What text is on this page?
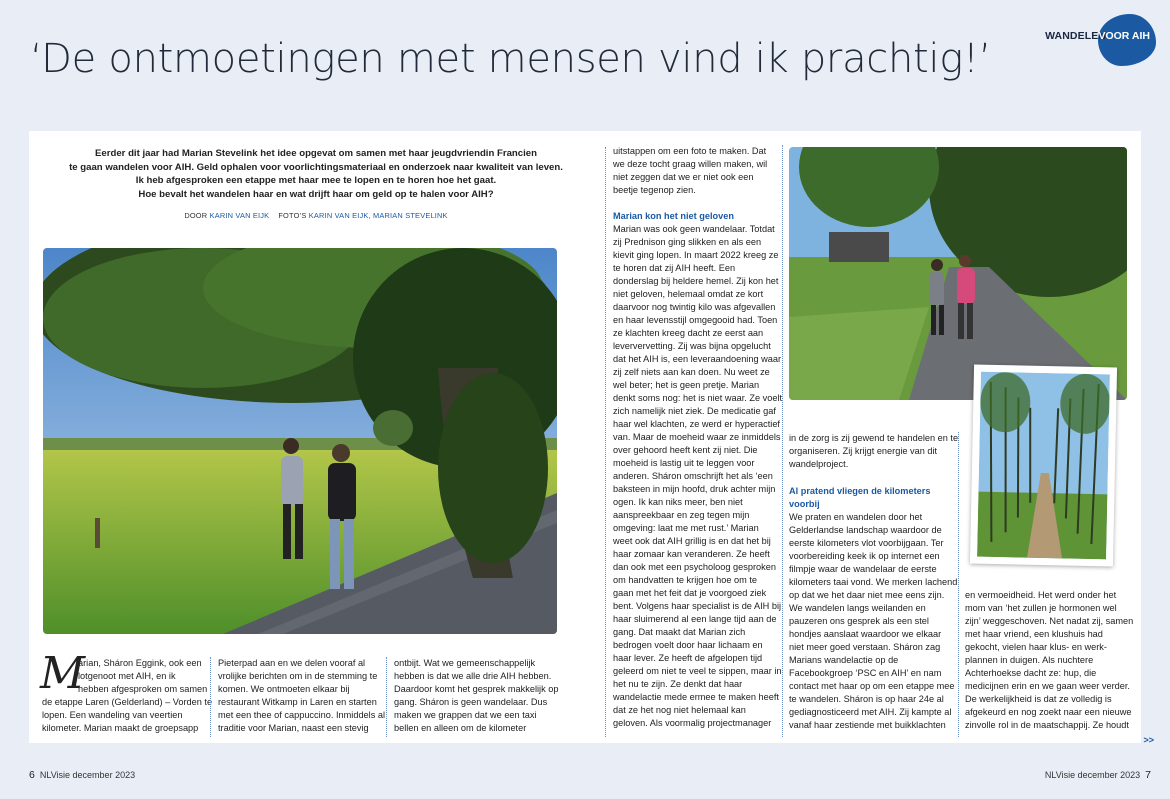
‘De ontmoetingen met mensen vind ik prachtig!’	WANDELEN
VOOR AIH

Eerder dit jaar had Marian Stevelink het idee opgevat om samen met haar jeugdvriendin Francien

te gaan wandelen voor AIH. Geld ophalen voor voorlichtingsmateriaal en onderzoek naar kwaliteit van leven.

Ik heb afgesproken een etappe met haar mee te lopen en te horen hoe het gaat.

Hoe bevalt het wandelen haar en wat drijft haar om geld op te halen voor AIH?

DOOR KARIN VAN EIJK FOTO’S KARIN VAN EIJK, MARIAN STEVELINK
M

arian, Sháron Eggink, ook een

lotgenoot met AIH, en ik

hebben afgesproken om samen

de etappe Laren (Gelderland) – Vorden te

lopen. Een wandeling van veertien

kilometer. Marian maakt de groepsapp

Pieterpad aan en we delen vooraf al

vrolijke berichten om in de stemming te

komen. We ontmoeten elkaar bij

restaurant Witkamp in Laren en starten

met een thee of cappuccino. Inmiddels al

traditie voor Marian, naast een stevig

ontbijt. Wat we gemeenschappelijk

hebben is dat we alle drie AIH hebben.

Daardoor komt het gesprek makkelijk op

gang. Sháron is geen wandelaar. Dus

maken we grappen dat we een taxi

bellen en alleen om de kilometer

uitstappen om een foto te maken. Dat

we deze tocht graag willen maken, wil

niet zeggen dat we er niet ook een

beetje tegenop zien.

Marian kon het niet geloven

Marian was ook geen wandelaar. Totdat

zij Prednison ging slikken en als een

kievit ging lopen. In maart 2022 kreeg ze

te horen dat zij AIH heeft. Een

donderslag bij heldere hemel. Zij kon het

niet geloven, helemaal omdat ze kort

daarvoor nog twintig kilo was afgevallen

en haar levensstijl omgegooid had. Toen

ze klachten kreeg dacht ze eerst aan

leververvetting. Zij was bijna opgelucht

dat het AIH is, een leveraandoening waar

zij zelf niets aan kan doen. Nu weet ze

wel beter; het is geen pretje. Marian

denkt soms nog: het is niet waar. Ze voelt

zich namelijk niet ziek. De medicatie gaf

haar wel klachten, ze werd er hyperactief

van. Maar de moeheid waar ze inmiddels

over gehoord heeft kent zij niet. Die

moeheid is lastig uit te leggen voor

anderen. Sháron omschrijft het als ‘een

baksteen in mijn hoofd, druk achter mijn

ogen. Ik kan niks meer, ben niet

aanspreekbaar en zeg tegen mijn

omgeving: laat me met rust.’ Marian

weet ook dat AIH grillig is en dat het bij

haar zomaar kan veranderen. Ze heeft

dan ook met een psycholoog gesproken

om handvatten te krijgen hoe om te

gaan met het feit dat je voorgoed ziek

bent. Volgens haar specialist is de AIH bij

haar sluimerend al een lange tijd aan de

gang. Dat maakt dat Marian zich

bedrogen voelt door haar lichaam en

haar lever. Ze heeft de afgelopen tijd

geleerd om niet te veel te sippen, maar in

het nu te zijn. Ze denkt dat haar

wandelactie mede ermee te maken heeft

dat ze het nog niet helemaal kan

geloven. Als voormalig projectmanager

in de zorg is zij gewend te handelen en te

organiseren. Zij krijgt energie van dit

wandelproject.

Al pratend vliegen de kilometers

voorbij

We praten en wandelen door het

Gelderlandse landschap waardoor de

eerste kilometers vlot voorbijgaan. Ter

voorbereiding keek ik op internet een

filmpje waar de wandelaar de eerste

kilometers taai vond. We merken lachend

op dat we het daar niet mee eens zijn.

We wandelen langs weilanden en

pauzeren ons gesprek als een stel

hondjes aanslaat waardoor we elkaar

niet meer goed verstaan. Sháron zag

Marians wandelactie op de

Facebookgroep ‘PSC en AIH’ en nam

contact met haar op om een etappe mee

te wandelen. Sháron is op haar 24e al

gediagnosticeerd met AIH. Zij kampte al

vanaf haar zestiende met buikklachten

en vermoeidheid. Het werd onder het

mom van ‘het zullen je hormonen wel

zijn’ weggeschoven. Net nadat zij, samen

met haar vriend, een klushuis had

gekocht, vielen haar klus- en werk-

plannen in duigen. Als nuchtere

Achterhoekse dacht ze: hup, die

medicijnen erin en we gaan weer verder.

De werkelijkheid is dat ze volledig is

afgekeurd en nog zoekt naar een nieuwe

zinvolle rol in de maatschappij. Ze houdt

>>
6 NLVisie december 2023	NLVisie december 2023 7
